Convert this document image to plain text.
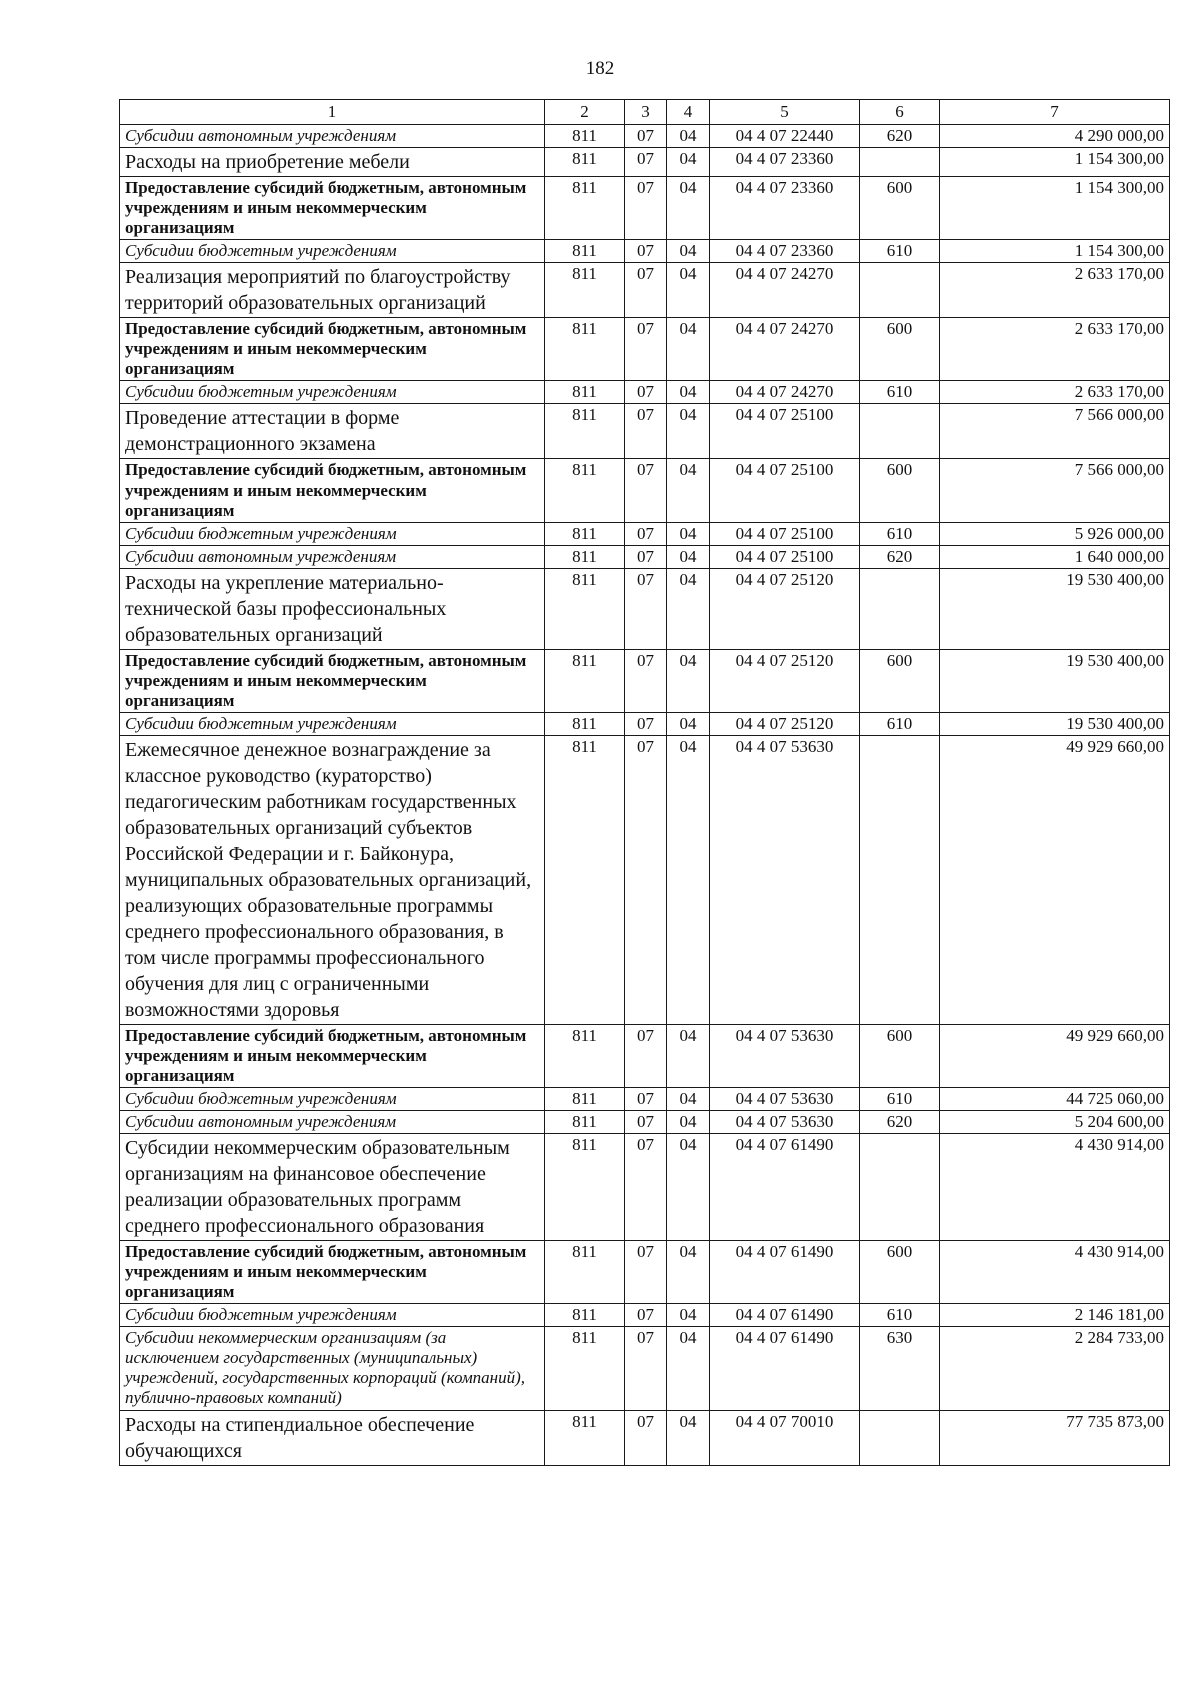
182
1	2	3	4	5	6	7
Субсидии автономным учреждениям	811	07	04	04 4 07 22440	620	4 290 000,00
Расходы на приобретение мебели	811	07	04	04 4 07 23360		1 154 300,00
Предоставление субсидий бюджетным, автономным учреждениям и иным некоммерческим организациям	811	07	04	04 4 07 23360	600	1 154 300,00
Субсидии бюджетным учреждениям	811	07	04	04 4 07 23360	610	1 154 300,00
Реализация мероприятий по благоустройству территорий образовательных организаций	811	07	04	04 4 07 24270		2 633 170,00
Предоставление субсидий бюджетным, автономным учреждениям и иным некоммерческим организациям	811	07	04	04 4 07 24270	600	2 633 170,00
Субсидии бюджетным учреждениям	811	07	04	04 4 07 24270	610	2 633 170,00
Проведение аттестации в форме демонстрационного экзамена	811	07	04	04 4 07 25100		7 566 000,00
Предоставление субсидий бюджетным, автономным учреждениям и иным некоммерческим организациям	811	07	04	04 4 07 25100	600	7 566 000,00
Субсидии бюджетным учреждениям	811	07	04	04 4 07 25100	610	5 926 000,00
Субсидии автономным учреждениям	811	07	04	04 4 07 25100	620	1 640 000,00
Расходы на укрепление материально-технической базы профессиональных образовательных организаций	811	07	04	04 4 07 25120		19 530 400,00
Предоставление субсидий бюджетным, автономным учреждениям и иным некоммерческим организациям	811	07	04	04 4 07 25120	600	19 530 400,00
Субсидии бюджетным учреждениям	811	07	04	04 4 07 25120	610	19 530 400,00
Ежемесячное денежное вознаграждение за классное руководство (кураторство) педагогическим работникам государственных образовательных организаций субъектов Российской Федерации и г. Байконура, муниципальных образовательных организаций, реализующих образовательные программы среднего профессионального образования, в том числе программы профессионального обучения для лиц с ограниченными возможностями здоровья	811	07	04	04 4 07 53630		49 929 660,00
Предоставление субсидий бюджетным, автономным учреждениям и иным некоммерческим организациям	811	07	04	04 4 07 53630	600	49 929 660,00
Субсидии бюджетным учреждениям	811	07	04	04 4 07 53630	610	44 725 060,00
Субсидии автономным учреждениям	811	07	04	04 4 07 53630	620	5 204 600,00
Субсидии некоммерческим образовательным организациям на финансовое обеспечение реализации образовательных программ среднего профессионального образования	811	07	04	04 4 07 61490		4 430 914,00
Предоставление субсидий бюджетным, автономным учреждениям и иным некоммерческим организациям	811	07	04	04 4 07 61490	600	4 430 914,00
Субсидии бюджетным учреждениям	811	07	04	04 4 07 61490	610	2 146 181,00
Субсидии некоммерческим организациям (за исключением государственных (муниципальных) учреждений, государственных корпораций (компаний), публично-правовых компаний)	811	07	04	04 4 07 61490	630	2 284 733,00
Расходы на стипендиальное обеспечение обучающихся	811	07	04	04 4 07 70010		77 735 873,00
